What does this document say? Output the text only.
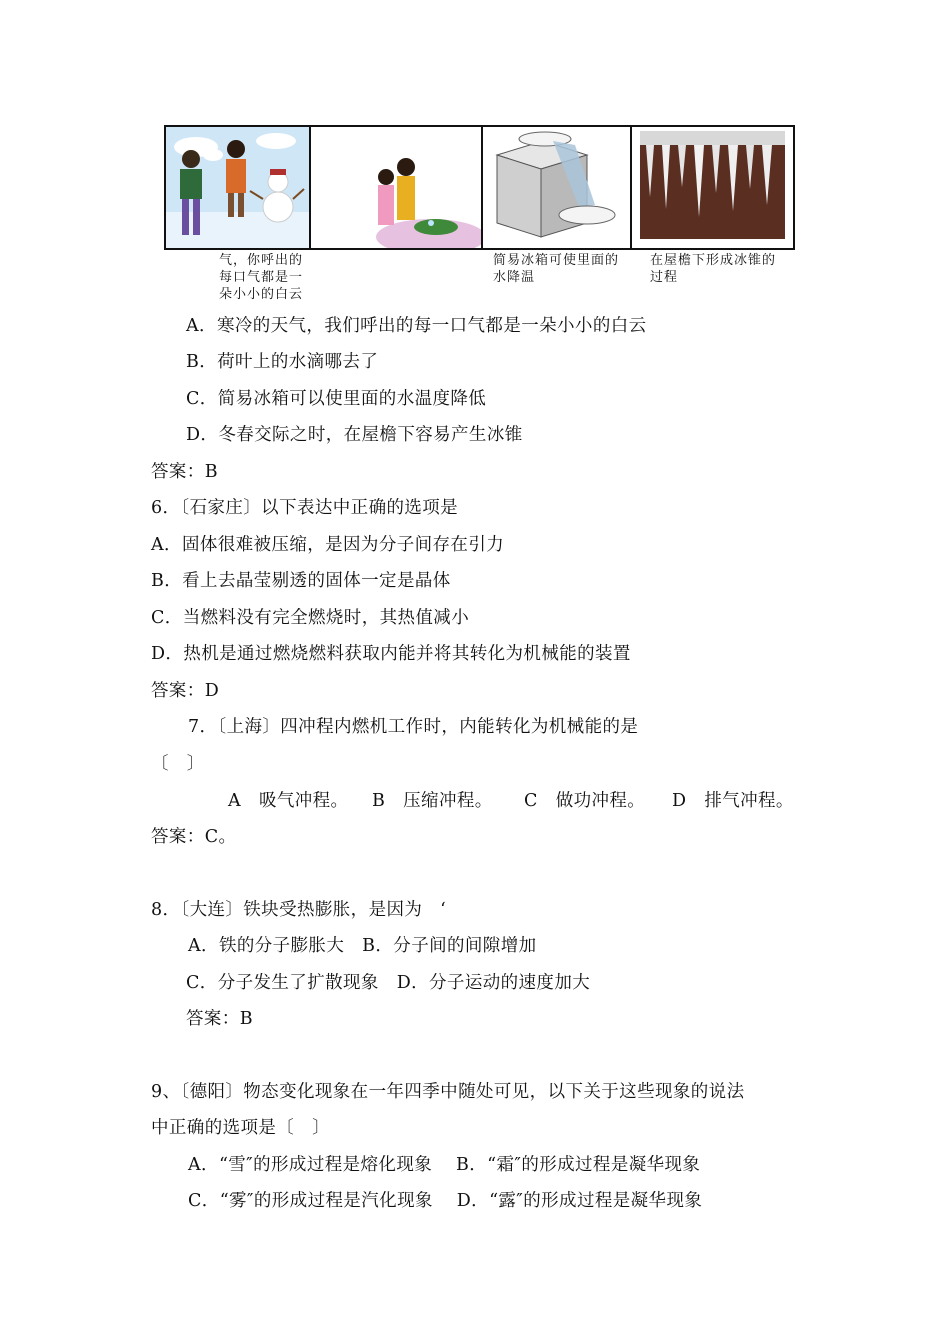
气，你呼出的每口气都是一朵小小的白云
简易冰箱可使里面的水降温
在屋檐下形成冰锥的过程
A．寒冷的天气，我们呼出的每一口气都是一朵小小的白云
B．荷叶上的水滴哪去了
C．简易冰箱可以使里面的水温度降低
D．冬春交际之时，在屋檐下容易产生冰锥
答案：B
6．〔石家庄〕以下表达中正确的选项是
A．固体很难被压缩，是因为分子间存在引力
B．看上去晶莹剔透的固体一定是晶体
C．当燃料没有完全燃烧时，其热值减小
D．热机是通过燃烧燃料获取内能并将其转化为机械能的装置
答案：D
7．〔上海〕四冲程内燃机工作时，内能转化为机械能的是
〔　〕
A　吸气冲程。 B　压缩冲程。 C　做功冲程。 D　排气冲程。
答案：C。
8．〔大连〕铁块受热膨胀，是因为　‘
A．铁的分子膨胀大　B．分子间的间隙增加
C．分子发生了扩散现象　D．分子运动的速度加大
答案：B
9、〔德阳〕物态变化现象在一年四季中随处可见，以下关于这些现象的说法
中正确的选项是〔　〕
A．“雪″的形成过程是熔化现象　 B．“霜″的形成过程是凝华现象
C．“雾″的形成过程是汽化现象　 D．“露″的形成过程是凝华现象
